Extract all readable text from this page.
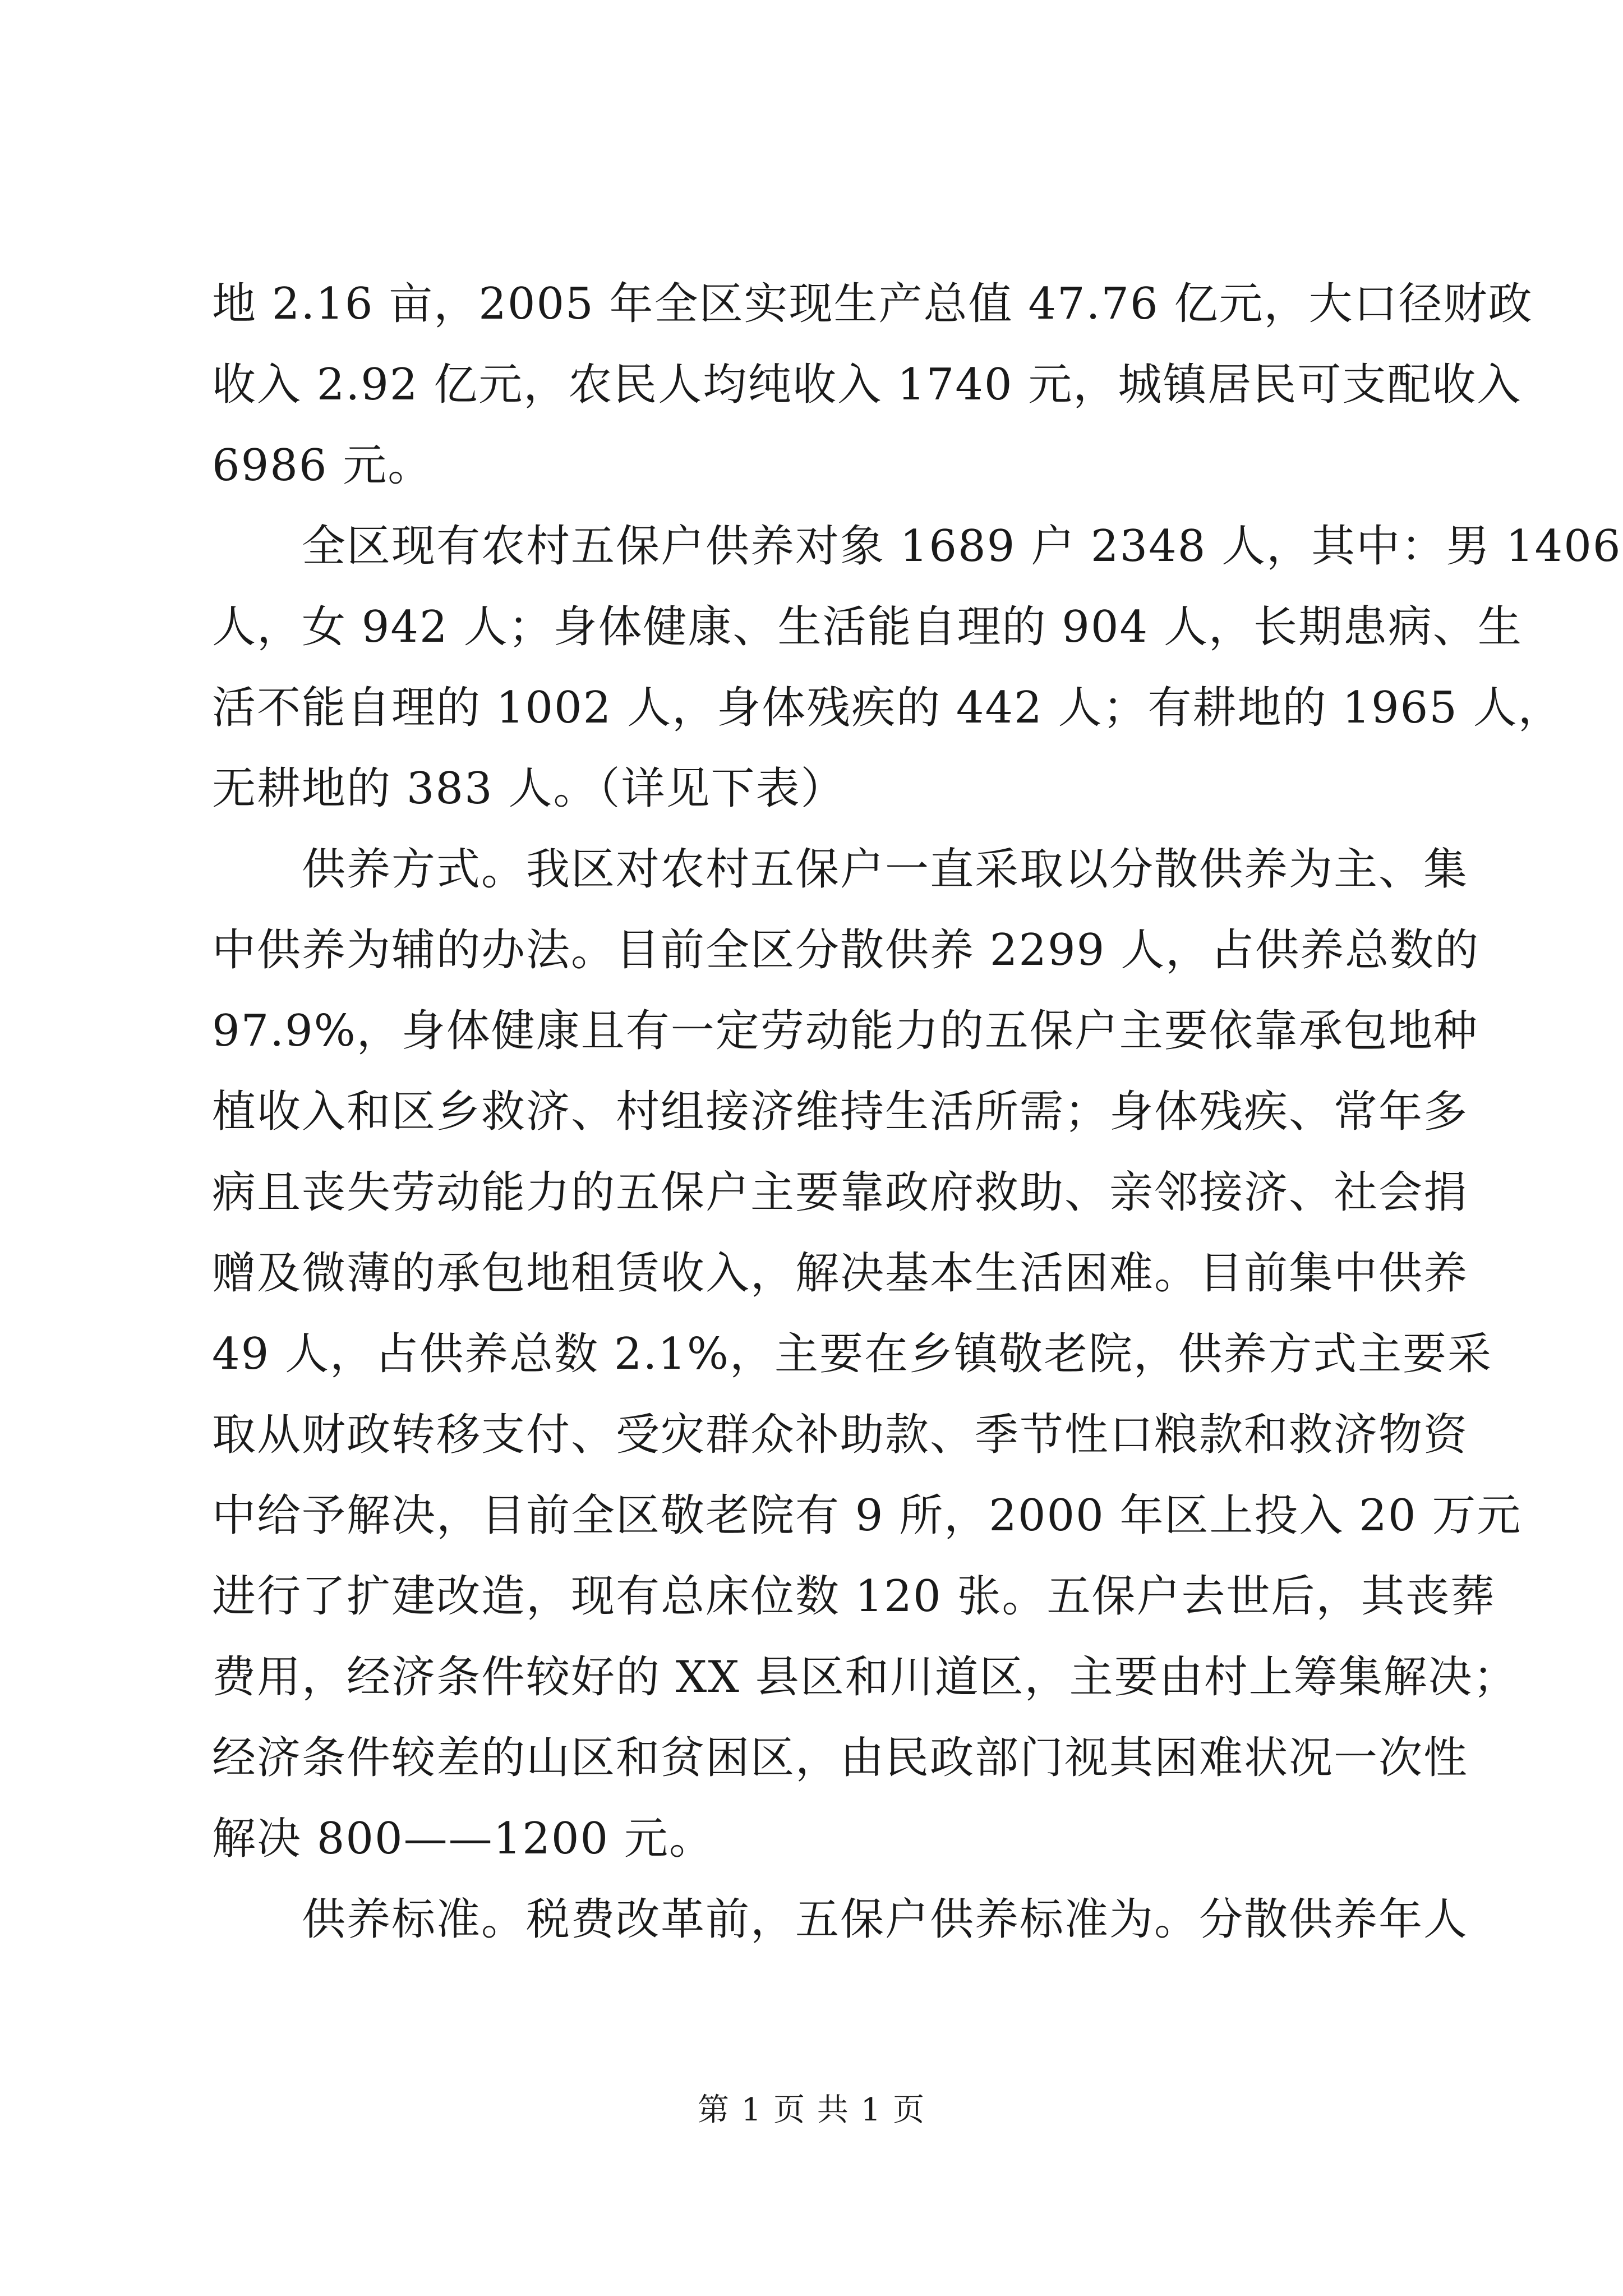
地 2.16 亩，2005 年全区实现生产总值 47.76 亿元，大口径财政
收入 2.92 亿元，农民人均纯收入 1740 元，城镇居民可支配收入
6986 元。
　　全区现有农村五保户供养对象 1689 户 2348 人，其中：男 1406
人，女 942 人；身体健康、生活能自理的 904 人，长期患病、生
活不能自理的 1002 人，身体残疾的 442 人；有耕地的 1965 人，
无耕地的 383 人。（详见下表）
　　供养方式。我区对农村五保户一直采取以分散供养为主、集
中供养为辅的办法。目前全区分散供养 2299 人，占供养总数的
97.9%，身体健康且有一定劳动能力的五保户主要依靠承包地种
植收入和区乡救济、村组接济维持生活所需；身体残疾、常年多
病且丧失劳动能力的五保户主要靠政府救助、亲邻接济、社会捐
赠及微薄的承包地租赁收入，解决基本生活困难。目前集中供养
49 人，占供养总数 2.1%，主要在乡镇敬老院，供养方式主要采
取从财政转移支付、受灾群众补助款、季节性口粮款和救济物资
中给予解决，目前全区敬老院有 9 所，2000 年区上投入 20 万元
进行了扩建改造，现有总床位数 120 张。五保户去世后，其丧葬
费用，经济条件较好的 XX 县区和川道区，主要由村上筹集解决；
经济条件较差的山区和贫困区，由民政部门视其困难状况一次性
解决 800——1200 元。
　　供养标准。税费改革前，五保户供养标准为。分散供养年人
第 1 页 共 1 页
